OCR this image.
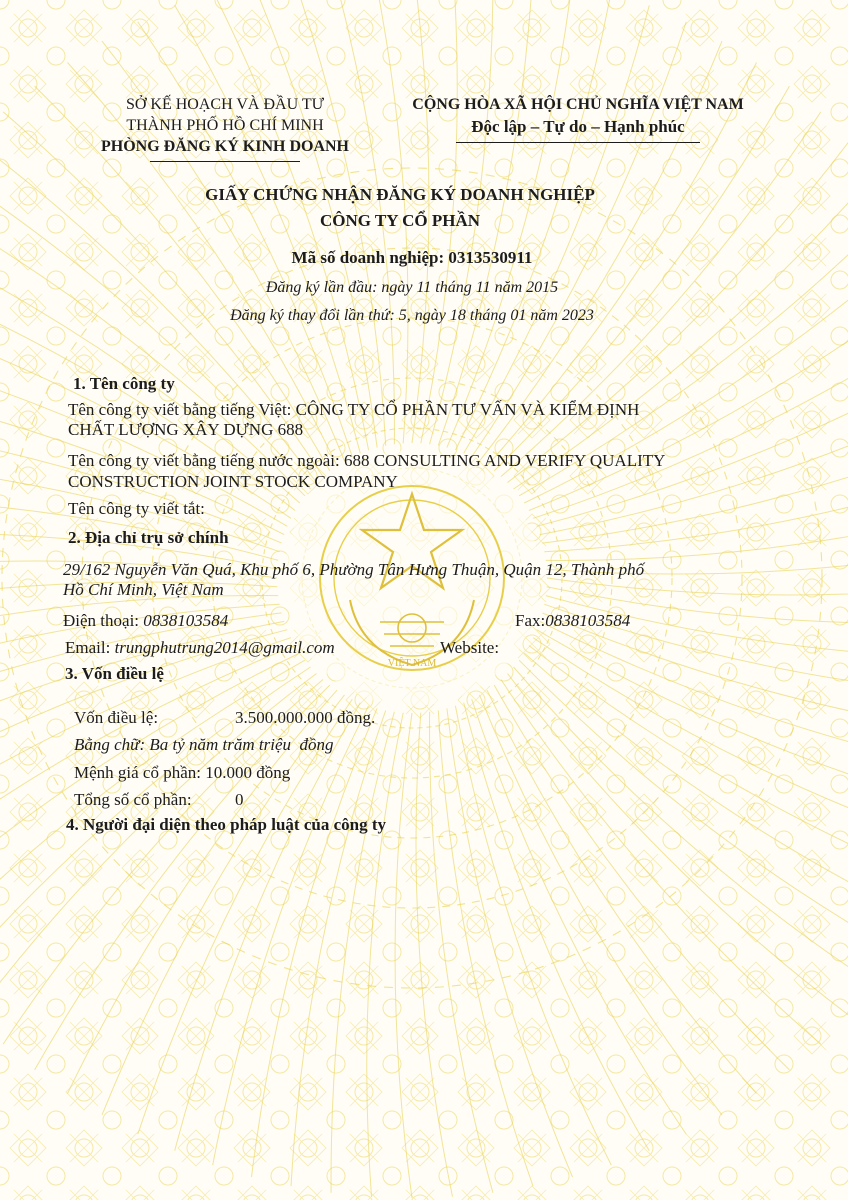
VIỆT NAM
SỞ KẾ HOẠCH VÀ ĐẦU TƯ
THÀNH PHỐ HỒ CHÍ MINH
PHÒNG ĐĂNG KÝ KINH DOANH
CỘNG HÒA XÃ HỘI CHỦ NGHĨA VIỆT NAM
Độc lập – Tự do – Hạnh phúc
GIẤY CHỨNG NHẬN ĐĂNG KÝ DOANH NGHIỆP
CÔNG TY CỔ PHẦN
Mã số doanh nghiệp: 0313530911
Đăng ký lần đầu: ngày 11 tháng 11 năm 2015
Đăng ký thay đổi lần thứ: 5, ngày 18 tháng 01 năm 2023
1. Tên công ty
Tên công ty viết bằng tiếng Việt: CÔNG TY CỔ PHẦN TƯ VẤN VÀ KIỂM ĐỊNH
CHẤT LƯỢNG XÂY DỰNG 688
Tên công ty viết bằng tiếng nước ngoài: 688 CONSULTING AND VERIFY QUALITY
CONSTRUCTION JOINT STOCK COMPANY
Tên công ty viết tắt:
2. Địa chỉ trụ sở chính
29/162 Nguyễn Văn Quá, Khu phố 6, Phường Tân Hưng Thuận, Quận 12, Thành phố
Hồ Chí Minh, Việt Nam
Điện thoại: 0838103584	Fax:0838103584
Email: trungphutrung2014@gmail.com	Website:
3. Vốn điều lệ
Vốn điều lệ:	3.500.000.000 đồng.
Bằng chữ: Ba tỷ năm trăm triệu  đồng
Mệnh giá cổ phần: 10.000 đồng
Tổng số cổ phần:	0
4. Người đại diện theo pháp luật của công ty
